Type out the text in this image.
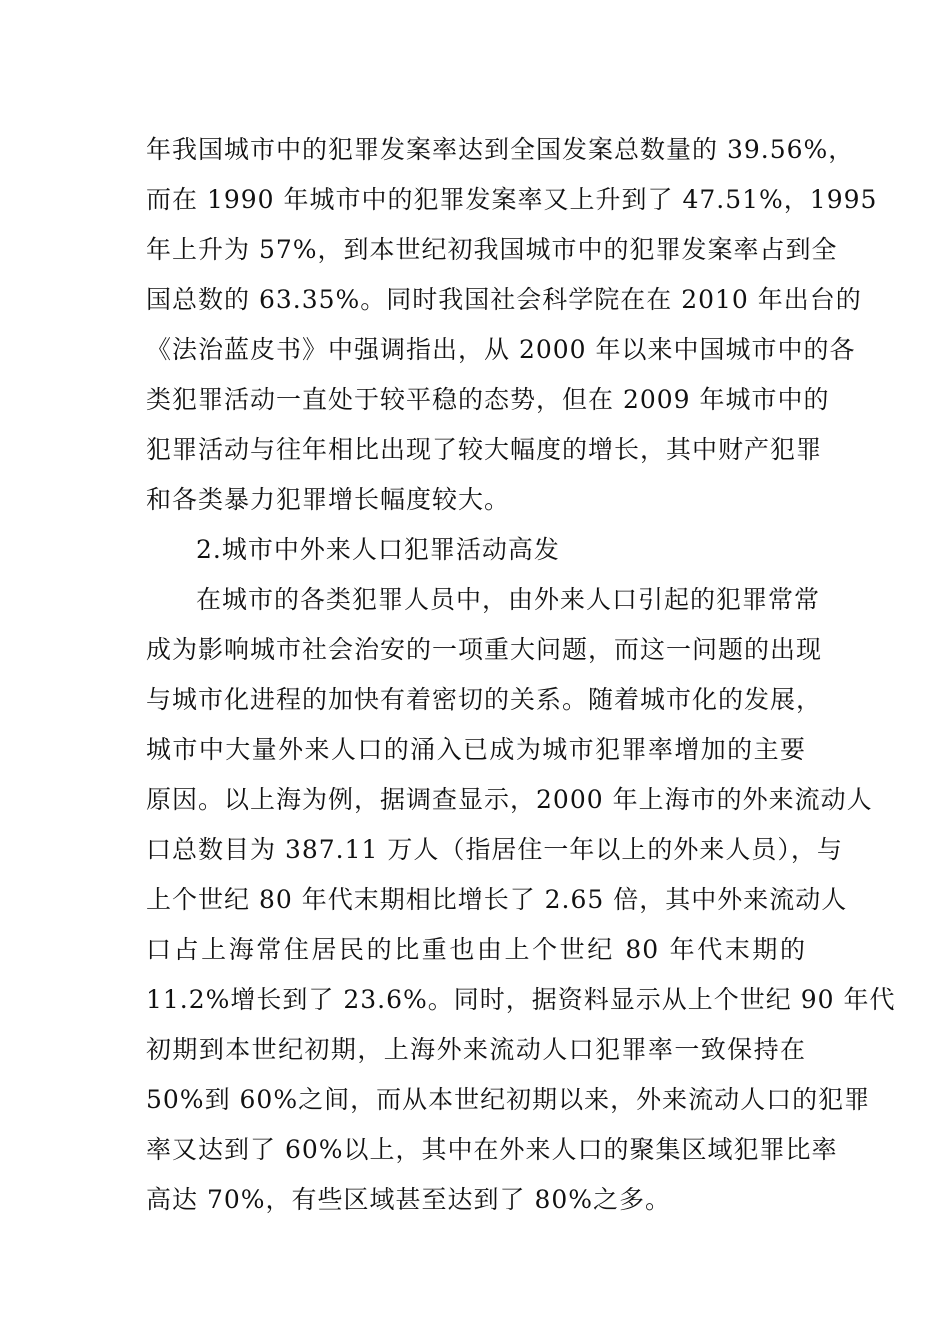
年我国城市中的犯罪发案率达到全国发案总数量的 39.56%，
而在 1990 年城市中的犯罪发案率又上升到了 47.51%，1995
年上升为 57%，到本世纪初我国城市中的犯罪发案率占到全
国总数的 63.35%。同时我国社会科学院在在 2010 年出台的
《法治蓝皮书》中强调指出，从 2000 年以来中国城市中的各
类犯罪活动一直处于较平稳的态势，但在 2009 年城市中的
犯罪活动与往年相比出现了较大幅度的增长，其中财产犯罪
和各类暴力犯罪增长幅度较大。
2.城市中外来人口犯罪活动高发
在城市的各类犯罪人员中，由外来人口引起的犯罪常常
成为影响城市社会治安的一项重大问题，而这一问题的出现
与城市化进程的加快有着密切的关系。随着城市化的发展，
城市中大量外来人口的涌入已成为城市犯罪率增加的主要
原因。以上海为例，据调查显示，2000 年上海市的外来流动人
口总数目为 387.11 万人（指居住一年以上的外来人员），与
上个世纪 80 年代末期相比增长了 2.65 倍，其中外来流动人
口占上海常住居民的比重也由上个世纪 80 年代末期的
11.2%增长到了 23.6%。同时，据资料显示从上个世纪 90 年代
初期到本世纪初期，上海外来流动人口犯罪率一致保持在
50%到 60%之间，而从本世纪初期以来，外来流动人口的犯罪
率又达到了 60%以上，其中在外来人口的聚集区域犯罪比率
高达 70%，有些区域甚至达到了 80%之多。
